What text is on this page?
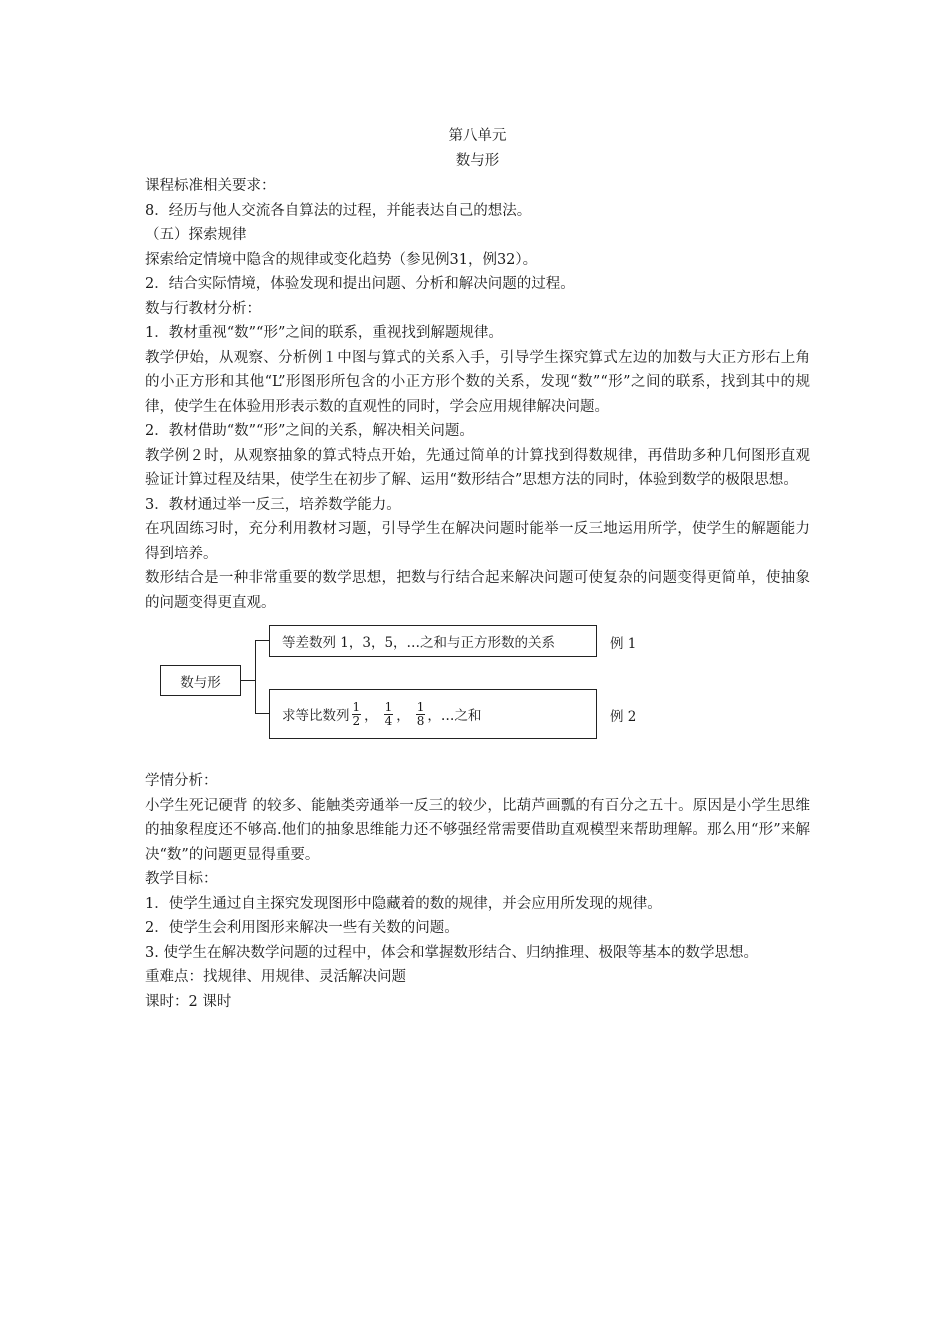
第八单元
数与形

课程标准相关要求：

8．经历与他人交流各自算法的过程，并能表达自己的想法。

（五）探索规律

探索给定情境中隐含的规律或变化趋势（参见例31，例32）。

2．结合实际情境，体验发现和提出问题、分析和解决问题的过程。

数与行教材分析：

1．教材重视“数”“形”之间的联系，重视找到解题规律。

教学伊始，从观察、分析例１中图与算式的关系入手，引导学生探究算式左边的加数与大正方形右上角的小正方形和其他“L”形图形所包含的小正方形个数的关系，发现“数”“形”之间的联系，找到其中的规律，使学生在体验用形表示数的直观性的同时，学会应用规律解决问题。

2．教材借助“数”“形”之间的关系，解决相关问题。

教学例２时，从观察抽象的算式特点开始，先通过简单的计算找到得数规律，再借助多种几何图形直观验证计算过程及结果，使学生在初步了解、运用“数形结合”思想方法的同时，体验到数学的极限思想。

3．教材通过举一反三，培养数学能力。

在巩固练习时，充分利用教材习题，引导学生在解决问题时能举一反三地运用所学，使学生的解题能力得到培养。

数形结合是一种非常重要的数学思想，把数与行结合起来解决问题可使复杂的问题变得更简单，使抽象的问题变得更直观。

数与形
等差数列 1，3，5，…之和与正方形数的关系	例 1
求等比数列 $\frac{1}{2}$ ， $\frac{1}{4}$ ， $\frac{1}{8}$ ，…之和	例 2

学情分析：

小学生死记硬背 的较多、能触类旁通举一反三的较少，比葫芦画瓢的有百分之五十。原因是小学生思维的抽象程度还不够高.他们的抽象思维能力还不够强经常需要借助直观模型来帮助理解。那么用“形”来解决“数”的问题更显得重要。

教学目标：

1．使学生通过自主探究发现图形中隐藏着的数的规律，并会应用所发现的规律。

2．使学生会利用图形来解决一些有关数的问题。

3. 使学生在解决数学问题的过程中，体会和掌握数形结合、归纳推理、极限等基本的数学思想。

重难点：找规律、用规律、灵活解决问题

课时：2 课时
